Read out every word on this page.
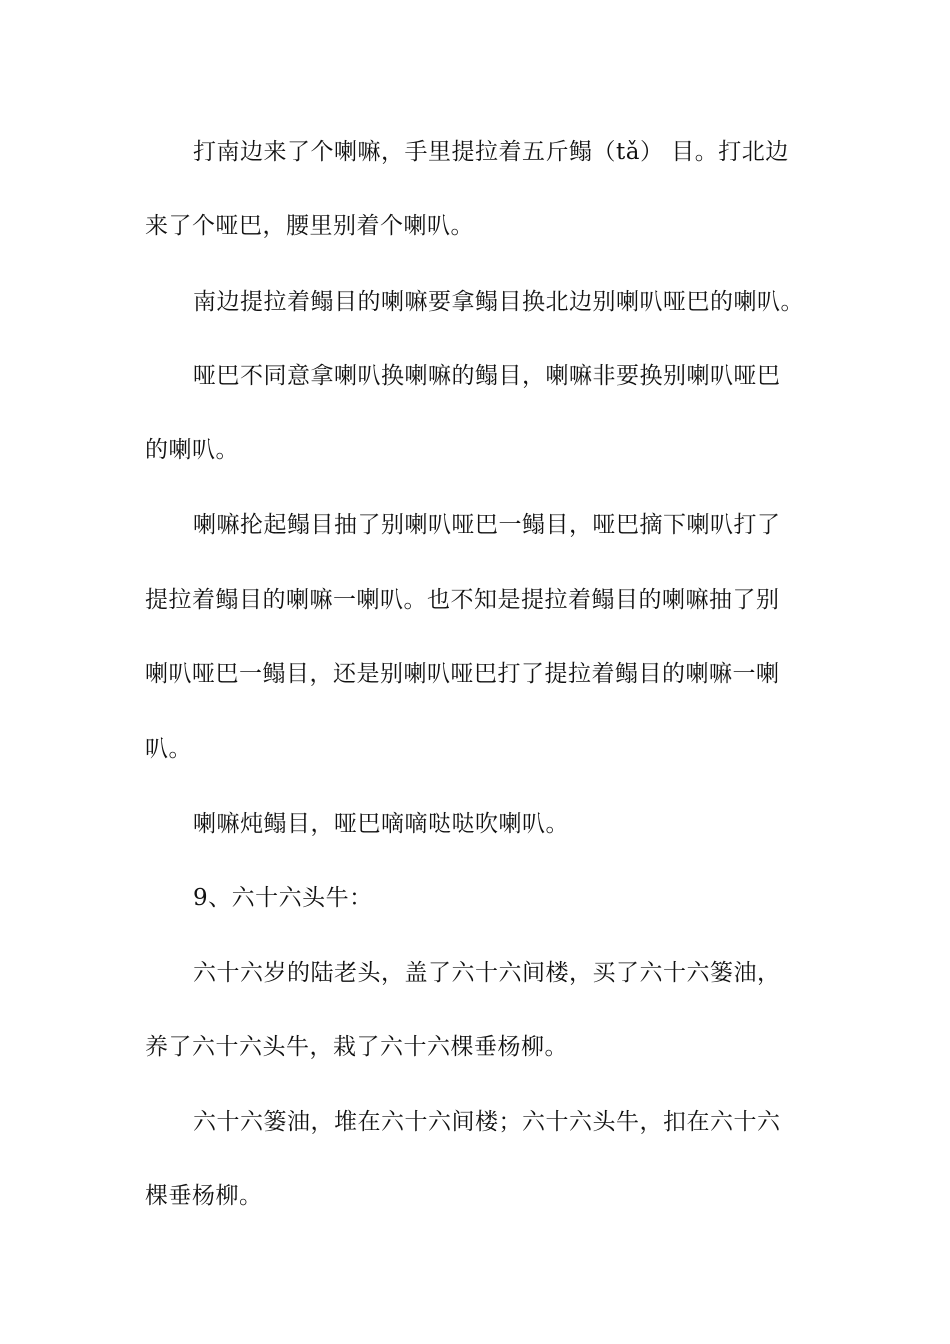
打南边来了个喇嘛，手里提拉着五斤鳎（tǎ） 目。打北边
来了个哑巴，腰里别着个喇叭。
南边提拉着鳎目的喇嘛要拿鳎目换北边别喇叭哑巴的喇叭。
哑巴不同意拿喇叭换喇嘛的鳎目，喇嘛非要换别喇叭哑巴
的喇叭。
喇嘛抡起鳎目抽了别喇叭哑巴一鳎目，哑巴摘下喇叭打了
提拉着鳎目的喇嘛一喇叭。也不知是提拉着鳎目的喇嘛抽了别
喇叭哑巴一鳎目，还是别喇叭哑巴打了提拉着鳎目的喇嘛一喇
叭。
喇嘛炖鳎目，哑巴嘀嘀哒哒吹喇叭。
9、六十六头牛：
六十六岁的陆老头，盖了六十六间楼，买了六十六篓油，
养了六十六头牛，栽了六十六棵垂杨柳。
六十六篓油，堆在六十六间楼；六十六头牛，扣在六十六
棵垂杨柳。
